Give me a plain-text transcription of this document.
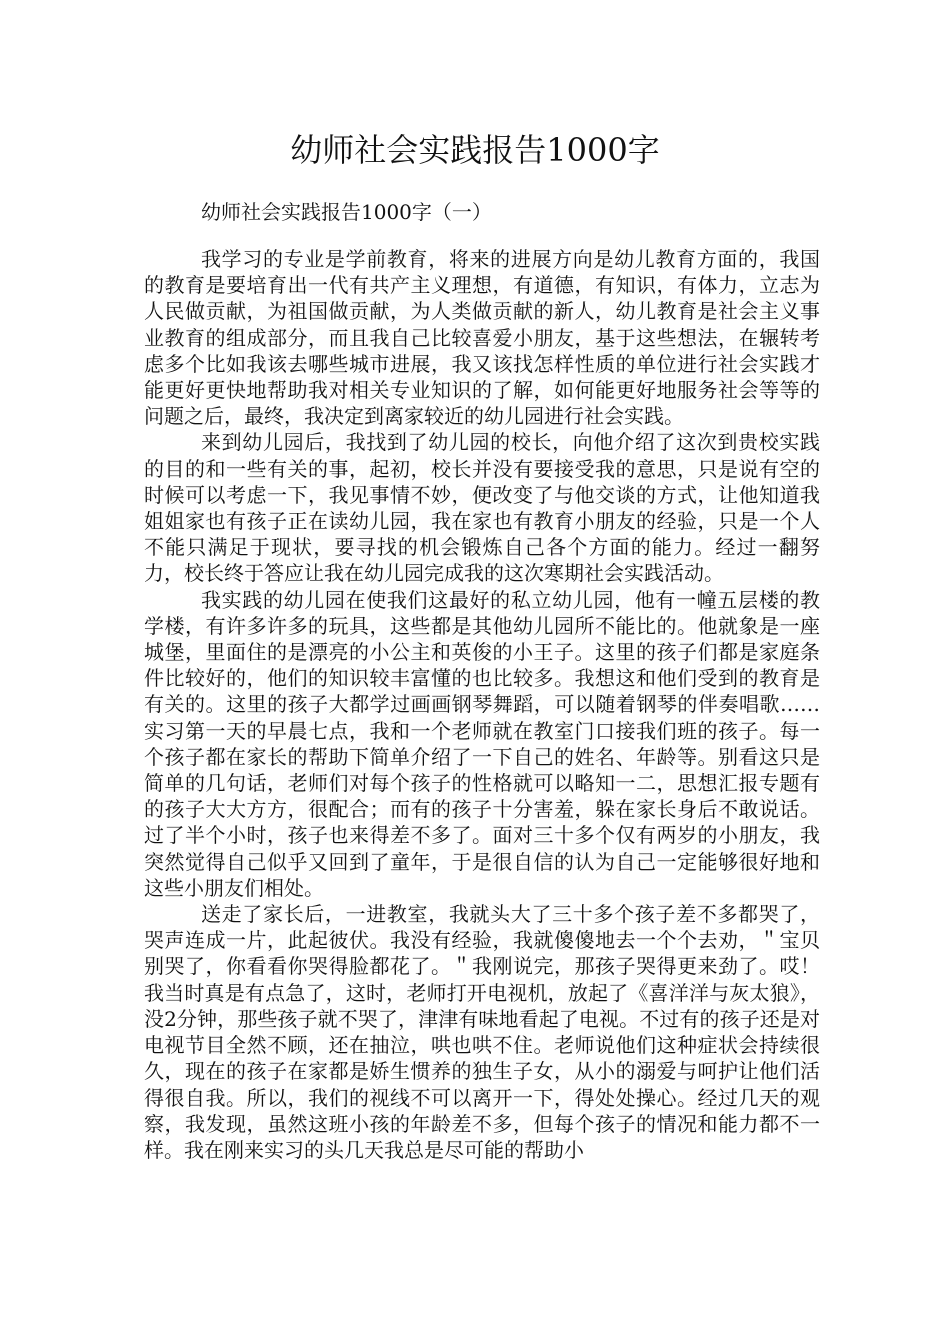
幼师社会实践报告1000字

幼师社会实践报告1000字（一）

我学习的专业是学前教育，将来的进展方向是幼儿教育方面的，我国的教育是要培育出一代有共产主义理想，有道德，有知识，有体力，立志为人民做贡献，为祖国做贡献，为人类做贡献的新人，幼儿教育是社会主义事业教育的组成部分，而且我自己比较喜爱小朋友，基于这些想法，在辗转考虑多个比如我该去哪些城市进展，我又该找怎样性质的单位进行社会实践才能更好更快地帮助我对相关专业知识的了解，如何能更好地服务社会等等的问题之后，最终，我决定到离家较近的幼儿园进行社会实践。

来到幼儿园后，我找到了幼儿园的校长，向他介绍了这次到贵校实践的目的和一些有关的事，起初，校长并没有要接受我的意思，只是说有空的时候可以考虑一下，我见事情不妙，便改变了与他交谈的方式，让他知道我姐姐家也有孩子正在读幼儿园，我在家也有教育小朋友的经验，只是一个人不能只满足于现状，要寻找的机会锻炼自己各个方面的能力。经过一翻努力，校长终于答应让我在幼儿园完成我的这次寒期社会实践活动。

我实践的幼儿园在使我们这最好的私立幼儿园，他有一幢五层楼的教学楼，有许多许多的玩具，这些都是其他幼儿园所不能比的。他就象是一座城堡，里面住的是漂亮的小公主和英俊的小王子。这里的孩子们都是家庭条件比较好的，他们的知识较丰富懂的也比较多。我想这和他们受到的教育是有关的。这里的孩子大都学过画画钢琴舞蹈，可以随着钢琴的伴奏唱歌……实习第一天的早晨七点，我和一个老师就在教室门口接我们班的孩子。每一个孩子都在家长的帮助下简单介绍了一下自己的姓名、年龄等。别看这只是简单的几句话，老师们对每个孩子的性格就可以略知一二，思想汇报专题有的孩子大大方方，很配合；而有的孩子十分害羞，躲在家长身后不敢说话。过了半个小时，孩子也来得差不多了。面对三十多个仅有两岁的小朋友，我突然觉得自己似乎又回到了童年，于是很自信的认为自己一定能够很好地和这些小朋友们相处。

送走了家长后，一进教室，我就头大了三十多个孩子差不多都哭了，哭声连成一片，此起彼伏。我没有经验，我就傻傻地去一个个去劝，＂宝贝别哭了，你看看你哭得脸都花了。＂我刚说完，那孩子哭得更来劲了。哎！我当时真是有点急了，这时，老师打开电视机，放起了《喜洋洋与灰太狼》，没2分钟，那些孩子就不哭了，津津有味地看起了电视。不过有的孩子还是对电视节目全然不顾，还在抽泣，哄也哄不住。老师说他们这种症状会持续很久，现在的孩子在家都是娇生惯养的独生子女，从小的溺爱与呵护让他们活得很自我。所以，我们的视线不可以离开一下，得处处操心。经过几天的观察，我发现，虽然这班小孩的年龄差不多，但每个孩子的情况和能力都不一样。我在刚来实习的头几天我总是尽可能的帮助小
